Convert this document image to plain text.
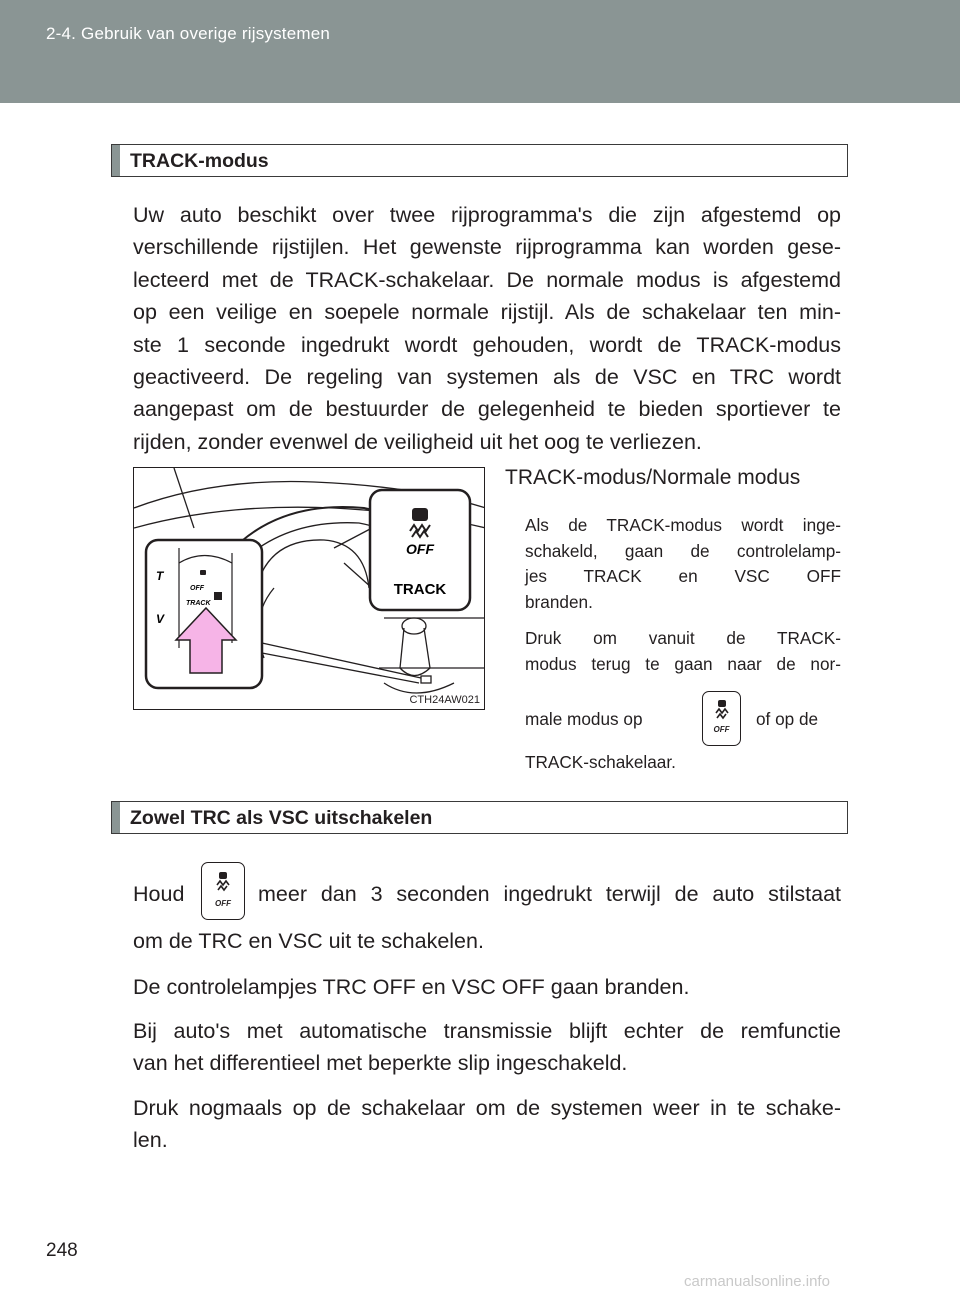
2-4. Gebruik van overige rijsystemen
TRACK-modus
Uw auto beschikt over twee rijprogramma's die zijn afgestemd op
verschillende rijstijlen. Het gewenste rijprogramma kan worden gese-
lecteerd met de TRACK-schakelaar. De normale modus is afgestemd
op een veilige en soepele normale rijstijl. Als de schakelaar ten min-
ste 1 seconde ingedrukt wordt gehouden, wordt de TRACK-modus
geactiveerd. De regeling van systemen als de VSC en TRC wordt
aangepast om de bestuurder de gelegenheid te bieden sportiever te
rijden, zonder evenwel de veiligheid uit het oog te verliezen.
T
V
OFF
TRACK
OFF
TRACK
CTH24AW021
TRACK-modus/Normale modus
Als de TRACK-modus wordt inge-
schakeld, gaan de controlelamp-
jes TRACK en VSC OFF
branden.
Druk om vanuit de TRACK-
modus terug te gaan naar de nor-
male modus op
OFF
of op de
TRACK-schakelaar.
Zowel TRC als VSC uitschakelen
Houd	OFF	meer dan 3 seconden ingedrukt terwijl de auto stilstaat
om de TRC en VSC uit te schakelen.
De controlelampjes TRC OFF en VSC OFF gaan branden.
Bij auto's met automatische transmissie blijft echter de remfunctie
van het differentieel met beperkte slip ingeschakeld.
Druk nogmaals op de schakelaar om de systemen weer in te schake-
len.
248
carmanualsonline.info
